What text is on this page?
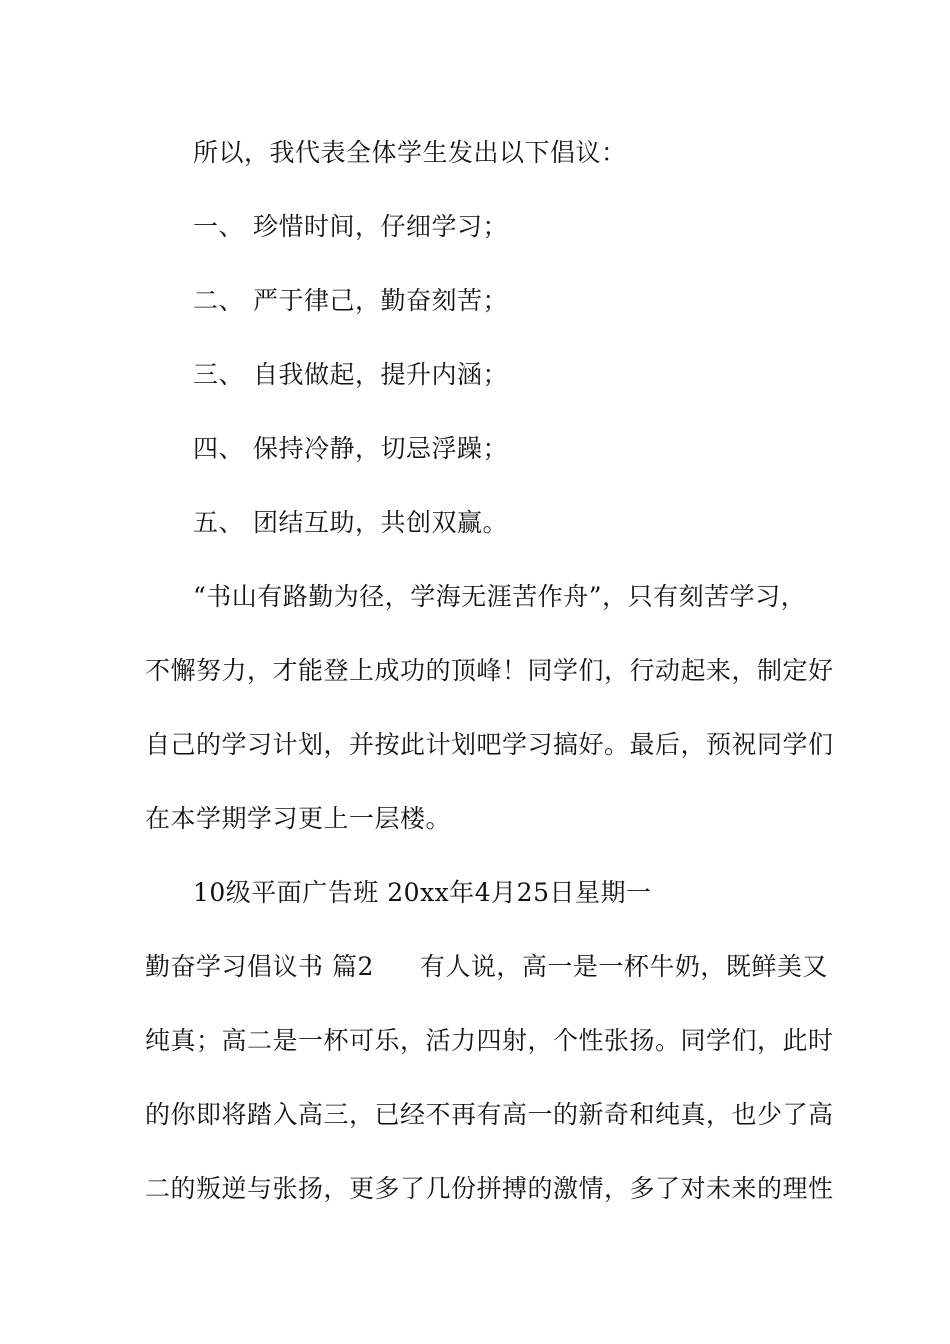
所以，我代表全体学生发出以下倡议：
一、 珍惜时间，仔细学习；
二、 严于律己，勤奋刻苦；
三、 自我做起，提升内涵；
四、 保持冷静，切忌浮躁；
五、 团结互助，共创双赢。
“书山有路勤为径，学海无涯苦作舟”，只有刻苦学习，
不懈努力，才能登上成功的顶峰！同学们，行动起来，制定好
自己的学习计划，并按此计划吧学习搞好。最后，预祝同学们
在本学期学习更上一层楼。
10级平面广告班 20xx年4月25日星期一
勤奋学习倡议书 篇2 有人说，高一是一杯牛奶，既鲜美又
纯真；高二是一杯可乐，活力四射，个性张扬。同学们，此时
的你即将踏入高三，已经不再有高一的新奇和纯真，也少了高
二的叛逆与张扬，更多了几份拼搏的激情，多了对未来的理性
